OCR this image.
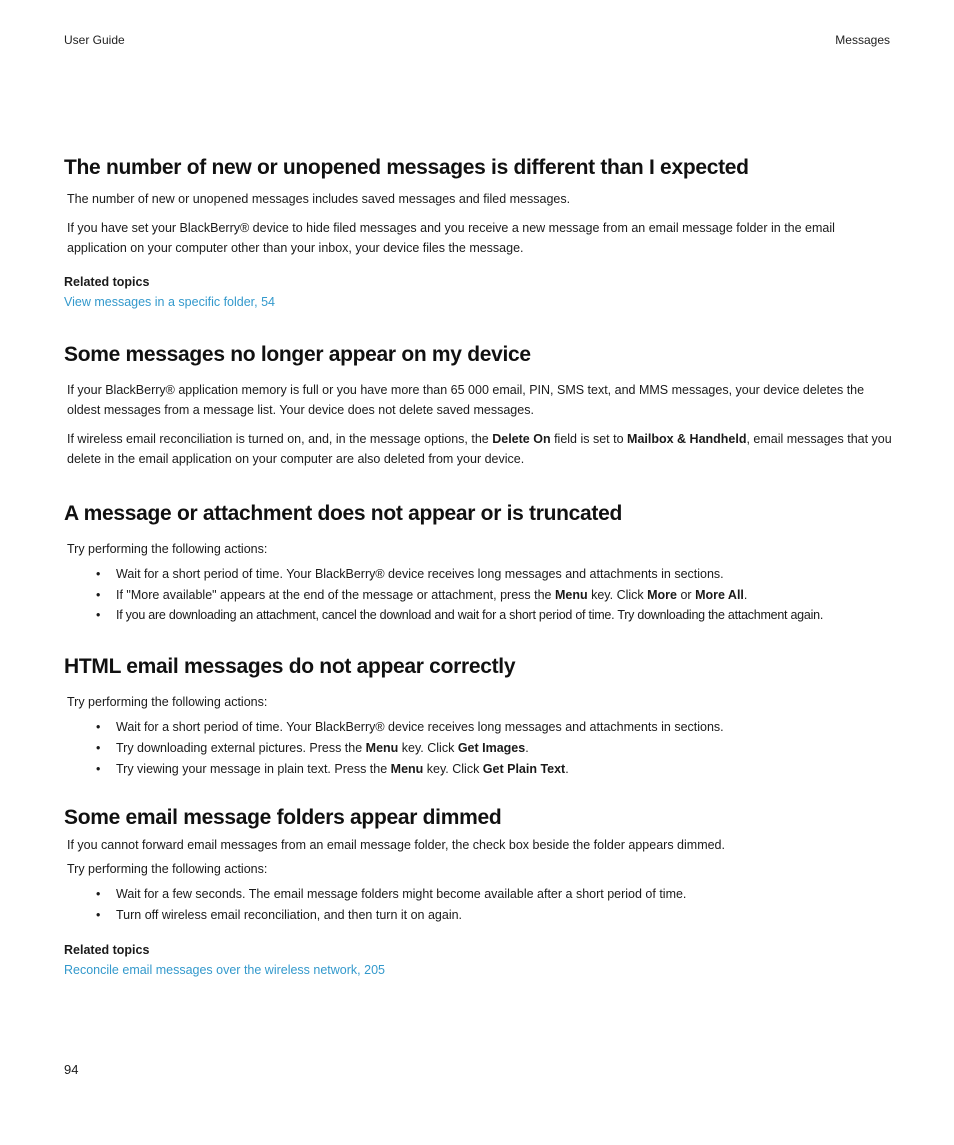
User Guide	Messages
The number of new or unopened messages is different than I expected

The number of new or unopened messages includes saved messages and filed messages.

If you have set your BlackBerry® device to hide filed messages and you receive a new message from an email message folder in the email application on your computer other than your inbox, your device files the message.

Related topics
View messages in a specific folder, 54
Some messages no longer appear on my device

If your BlackBerry® application memory is full or you have more than 65 000 email, PIN, SMS text, and MMS messages, your device deletes the oldest messages from a message list. Your device does not delete saved messages.

If wireless email reconciliation is turned on, and, in the message options, the Delete On field is set to Mailbox & Handheld, email messages that you delete in the email application on your computer are also deleted from your device.

A message or attachment does not appear or is truncated

Try performing the following actions:

• Wait for a short period of time. Your BlackBerry® device receives long messages and attachments in sections.
• If "More available" appears at the end of the message or attachment, press the Menu key. Click More or More All.
• If you are downloading an attachment, cancel the download and wait for a short period of time. Try downloading the attachment again.
HTML email messages do not appear correctly

Try performing the following actions:

• Wait for a short period of time. Your BlackBerry® device receives long messages and attachments in sections.
• Try downloading external pictures. Press the Menu key. Click Get Images.
• Try viewing your message in plain text. Press the Menu key. Click Get Plain Text.
Some email message folders appear dimmed

If you cannot forward email messages from an email message folder, the check box beside the folder appears dimmed.

Try performing the following actions:

• Wait for a few seconds. The email message folders might become available after a short period of time.
• Turn off wireless email reconciliation, and then turn it on again.
Related topics
Reconcile email messages over the wireless network, 205
94
